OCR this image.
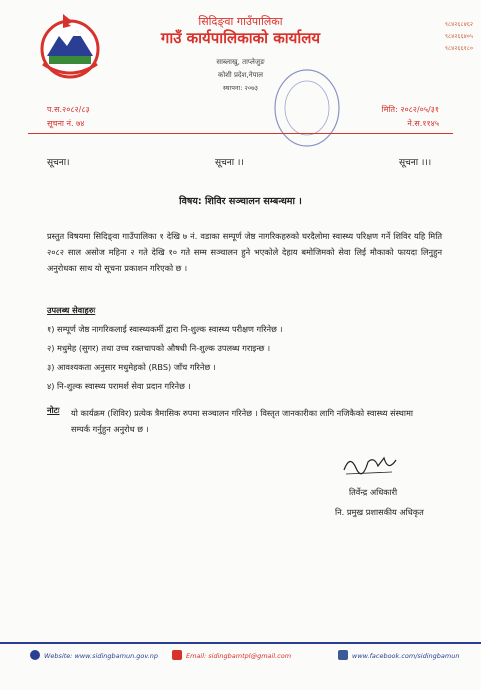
सिदिङ्वा गाउँपालिका
गाउँ कार्यपालिकाको कार्यालय
साब्लाखु, ताप्लेजुङ
कोशी प्रदेश,नेपाल
स्थापना: २०७३
९८४२६८४६२
९८४२६६४०५
९८४२६६१८०
प.स.२०८२/८३
सूचना नं. ७४
मिति: २०८२/०५/३१
ने.स.११४५
सूचना।	सूचना ।।	सूचना ।।।
विषय: शिविर सञ्चालन सम्बन्धमा ।
प्रस्तुत विषयमा सिदिङ्वा गाउँपालिका १ देखि ७ नं. वडाका सम्पूर्ण जेष्ठ नागरिकहरुको घरदैलोमा स्वास्थ्य परिक्षण गर्ने शिविर यहि मिति २०८२ साल असोज महिना २ गते देखि १० गते सम्म सञ्चालन हुने भएकोले देहाय बमोजिमको सेवा लिई मौकाको फायदा लिनुहुन अनुरोधका साथ यो सूचना प्रकाशन गरिएको छ ।
उपलब्ध सेवाहरुः
१) सम्पूर्ण जेष्ठ नागरिकलाई स्वास्थ्यकर्मी द्वारा नि-शुल्क स्वास्थ्य परीक्षण गरिनेछ ।
२) मधुमेह (सुगर) तथा उच्च रक्तचापको औषधी नि-शुल्क उपलब्ध गराइन्छ ।
३) आवश्यकता अनुसार मधुमेहको (RBS) जाँच गरिनेछ ।
४) नि-शुल्क स्वास्थ्य परामर्श सेवा प्रदान गरिनेछ ।
नोटः यो कार्यक्रम (शिविर) प्रत्येक त्रैमासिक रुपमा सञ्चालन गरिनेछ । विस्तृत जानकारीका लागि नजिकैको स्वास्थ्य संस्थामा सम्पर्क गर्नुहुन अनुरोध छ ।
तिर्वेन्द्र अधिकारी
नि. प्रमुख प्रशासकीय अधिकृत
Website: www.sidingbamun.gov.np	Email: sidingbamtpl@gmail.com	www.facebook.com/sidingbamun
